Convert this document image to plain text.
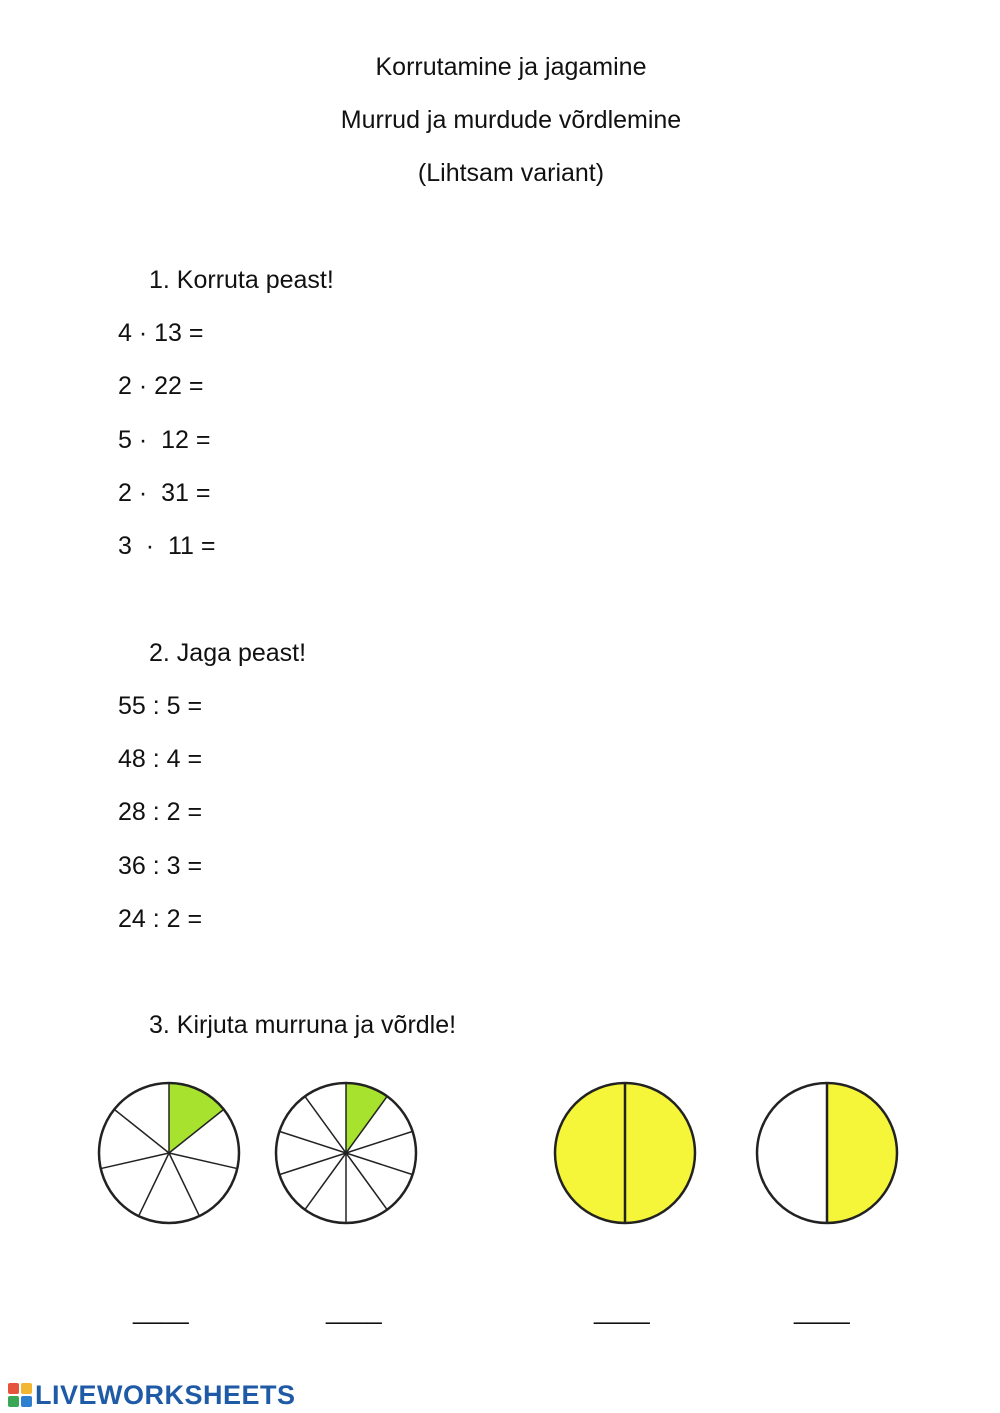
Korrutamine ja jagamine
Murrud ja murdude võrdlemine
(Lihtsam variant)
1. Korruta peast!
4 · 13 =
2 · 22 =
5 ·  12 =
2 ·  31 =
3  ·  11 =
2. Jaga peast!
55 : 5 =
48 : 4 =
28 : 2 =
36 : 3 =
24 : 2 =
3. Kirjuta murruna ja võrdle!
____	____	____	____
LIVEWORKSHEETS
